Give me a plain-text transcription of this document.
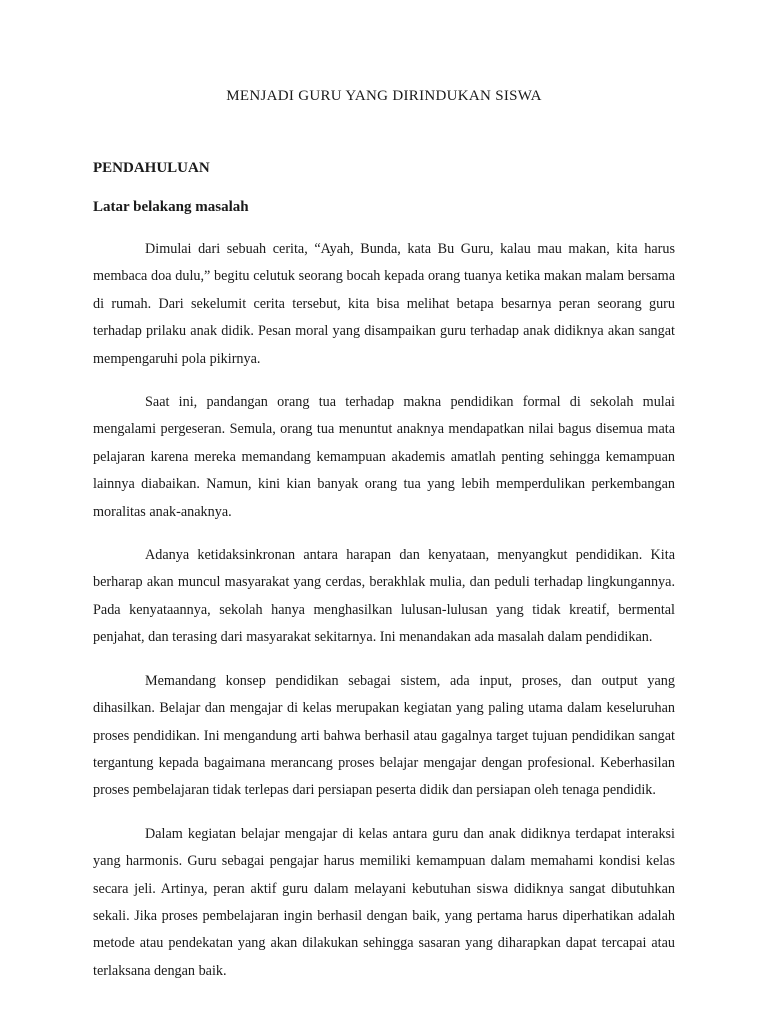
MENJADI GURU YANG DIRINDUKAN SISWA
PENDAHULUAN
Latar belakang masalah

Dimulai dari sebuah cerita, “Ayah, Bunda, kata Bu Guru, kalau mau makan, kita harus membaca doa dulu,” begitu celutuk seorang bocah kepada orang tuanya ketika makan malam bersama di rumah. Dari sekelumit cerita tersebut, kita bisa melihat betapa besarnya peran seorang guru terhadap prilaku anak didik. Pesan moral yang disampaikan guru terhadap anak didiknya akan sangat mempengaruhi pola pikirnya.

Saat ini, pandangan orang tua terhadap makna pendidikan formal di sekolah mulai mengalami pergeseran. Semula, orang tua menuntut anaknya mendapatkan nilai bagus disemua mata pelajaran karena mereka memandang kemampuan akademis amatlah penting sehingga kemampuan lainnya diabaikan. Namun, kini kian banyak orang tua yang lebih memperdulikan perkembangan moralitas anak-anaknya.

Adanya ketidaksinkronan antara harapan dan kenyataan, menyangkut pendidikan. Kita berharap akan muncul masyarakat yang cerdas, berakhlak mulia, dan peduli terhadap lingkungannya. Pada kenyataannya, sekolah hanya menghasilkan lulusan-lulusan yang tidak kreatif, bermental penjahat, dan terasing dari masyarakat sekitarnya. Ini menandakan ada masalah dalam pendidikan.

Memandang konsep pendidikan sebagai sistem, ada input, proses, dan output yang dihasilkan. Belajar dan mengajar di kelas merupakan kegiatan yang paling utama dalam keseluruhan proses pendidikan. Ini mengandung arti bahwa berhasil atau gagalnya target tujuan pendidikan sangat tergantung kepada bagaimana merancang proses belajar mengajar dengan profesional. Keberhasilan proses pembelajaran tidak terlepas dari persiapan peserta didik dan persiapan oleh tenaga pendidik.

Dalam kegiatan belajar mengajar di kelas antara guru dan anak didiknya terdapat interaksi yang harmonis. Guru sebagai pengajar harus memiliki kemampuan dalam memahami kondisi kelas secara jeli. Artinya, peran aktif guru dalam melayani kebutuhan siswa didiknya sangat dibutuhkan sekali. Jika proses pembelajaran ingin berhasil dengan baik, yang pertama harus diperhatikan adalah metode atau pendekatan yang akan dilakukan sehingga sasaran yang diharapkan dapat tercapai atau terlaksana dengan baik.
